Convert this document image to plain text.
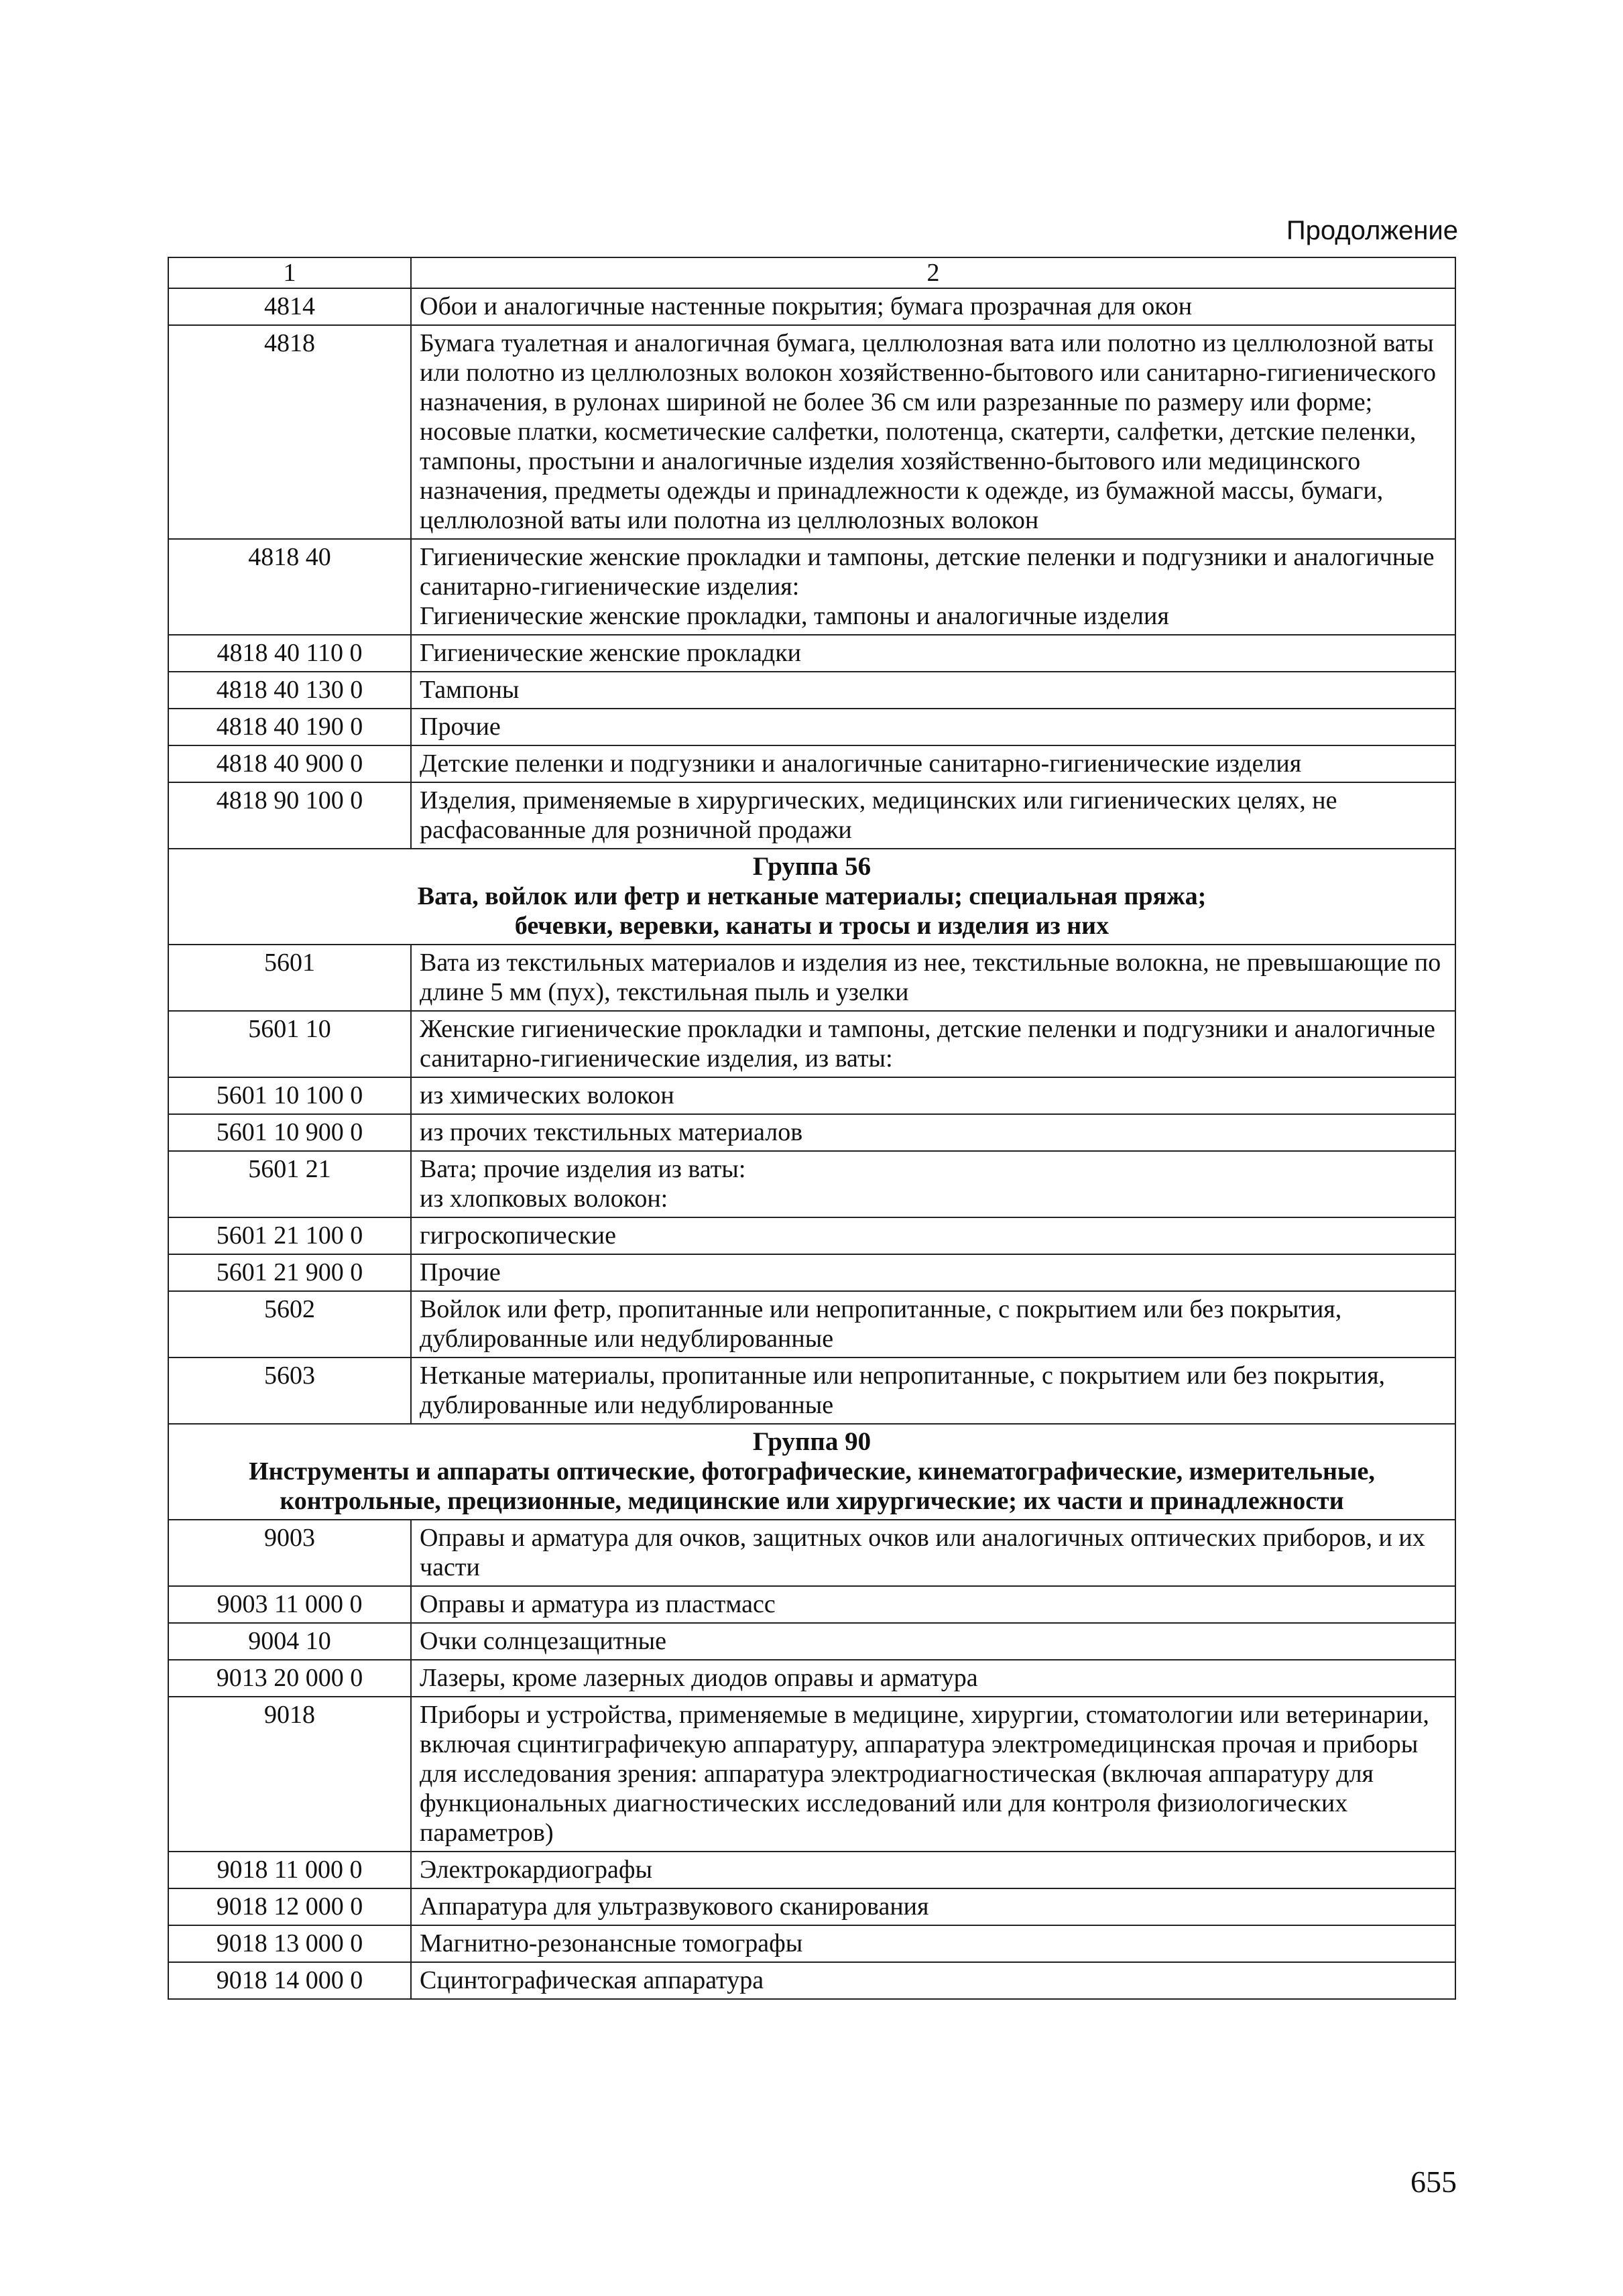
Продолжение
1	2
4814	Обои и аналогичные настенные покрытия; бумага прозрачная для окон

4818	Бумага туалетная и аналогичная бумага, целлюлозная вата или полотно из целлюлозной ваты или полотно из целлюлозных волокон хозяйственно-бытового или санитарно-гигиенического назначения, в рулонах шириной не более 36 см или разрезанные по размеру или форме; носовые платки, косметические салфетки, полотенца, скатерти, салфетки, детские пеленки, тампоны, простыни и аналогичные изделия хозяйственно-бытового или медицинского назначения, предметы одежды и принадлежности к одежде, из бумажной массы, бумаги, целлюлозной ваты или полотна из целлюлозных волокон

4818 40	Гигиенические женские прокладки и тампоны, детские пеленки и подгузники и аналогичные санитарно-гигиенические изделия:
Гигиенические женские прокладки, тампоны и аналогичные изделия

4818 40 110 0	Гигиенические женские прокладки

4818 40 130 0	Тампоны

4818 40 190 0	Прочие

4818 40 900 0	Детские пеленки и подгузники и аналогичные санитарно-гигиенические изделия

4818 90 100 0	Изделия, применяемые в хирургических, медицинских или гигиенических целях, не расфасованные для розничной продажи

Группа 56
Вата, войлок или фетр и нетканые материалы; специальная пряжа;
бечевки, веревки, канаты и тросы и изделия из них	

5601	Вата из текстильных материалов и изделия из нее, текстильные волокна, не превышающие по длине 5 мм (пух), текстильная пыль и узелки

5601 10	Женские гигиенические прокладки и тампоны, детские пеленки и подгузники и аналогичные санитарно-гигиенические изделия, из ваты:

5601 10 100 0	из химических волокон

5601 10 900 0	из прочих текстильных материалов

5601 21	Вата; прочие изделия из ваты:
из хлопковых волокон:

5601 21 100 0	гигроскопические

5601 21 900 0	Прочие

5602	Войлок или фетр, пропитанные или непропитанные, с покрытием или без покрытия, дублированные или недублированные

5603	Нетканые материалы, пропитанные или непропитанные, с покрытием или без покрытия, дублированные или недублированные

Группа 90
Инструменты и аппараты оптические, фотографические, кинематографические, измерительные,
контрольные, прецизионные, медицинские или хирургические; их части и принадлежности	

9003	Оправы и арматура для очков, защитных очков или аналогичных оптических приборов, и их части

9003 11 000 0	Оправы и арматура из пластмасс

9004 10	Очки солнцезащитные

9013 20 000 0	Лазеры, кроме лазерных диодов оправы и арматура

9018	Приборы и устройства, применяемые в медицине, хирургии, стоматологии или ветеринарии, включая сцинтиграфичекую аппаратуру, аппаратура электромедицинская прочая и приборы для исследования зрения: аппаратура электродиагностическая (включая аппаратуру для функциональных диагностических исследований или для контроля физиологических параметров)

9018 11 000 0	Электрокардиографы

9018 12 000 0	Аппаратура для ультразвукового сканирования

9018 13 000 0	Магнитно-резонансные томографы

9018 14 000 0	Сцинтографическая аппаратура
655
